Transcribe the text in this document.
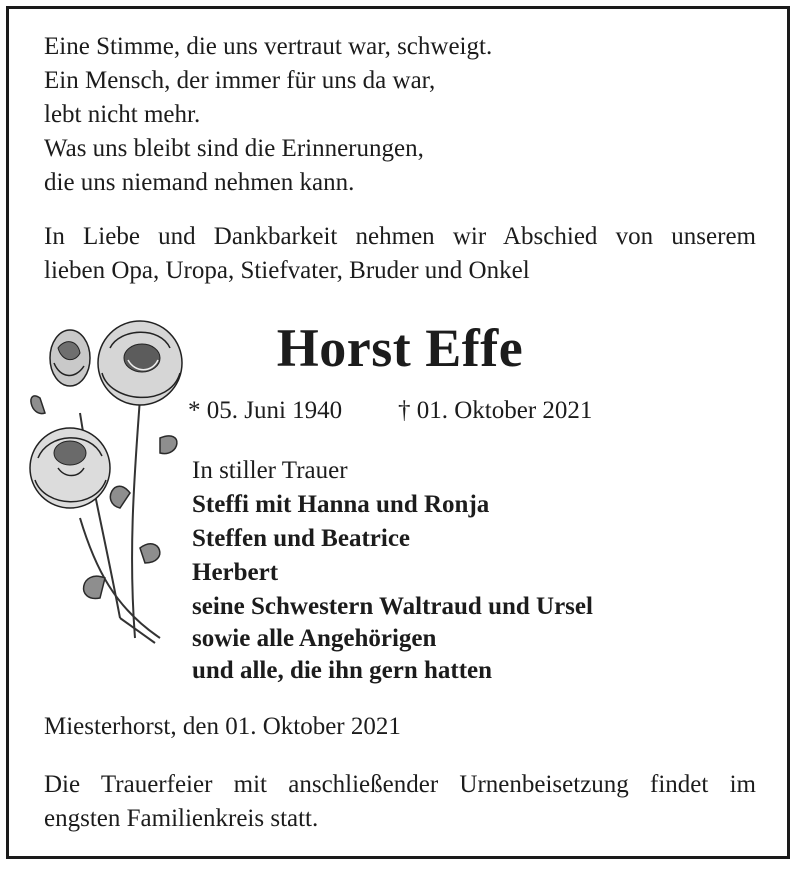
Eine Stimme, die uns vertraut war, schweigt.
Ein Mensch, der immer für uns da war,
lebt nicht mehr.
Was uns bleibt sind die Erinnerungen,
die uns niemand nehmen kann.
In Liebe und Dankbarkeit nehmen wir Abschied von unserem
lieben Opa, Uropa, Stiefvater, Bruder und Onkel
Horst Effe
* 05. Juni 1940 † 01. Oktober 2021
In stiller Trauer
Steffi mit Hanna und Ronja
Steffen und Beatrice
Herbert
seine Schwestern Waltraud und Ursel
sowie alle Angehörigen
und alle, die ihn gern hatten
Miesterhorst, den 01. Oktober 2021
Die Trauerfeier mit anschließender Urnenbeisetzung findet im
engsten Familienkreis statt.
